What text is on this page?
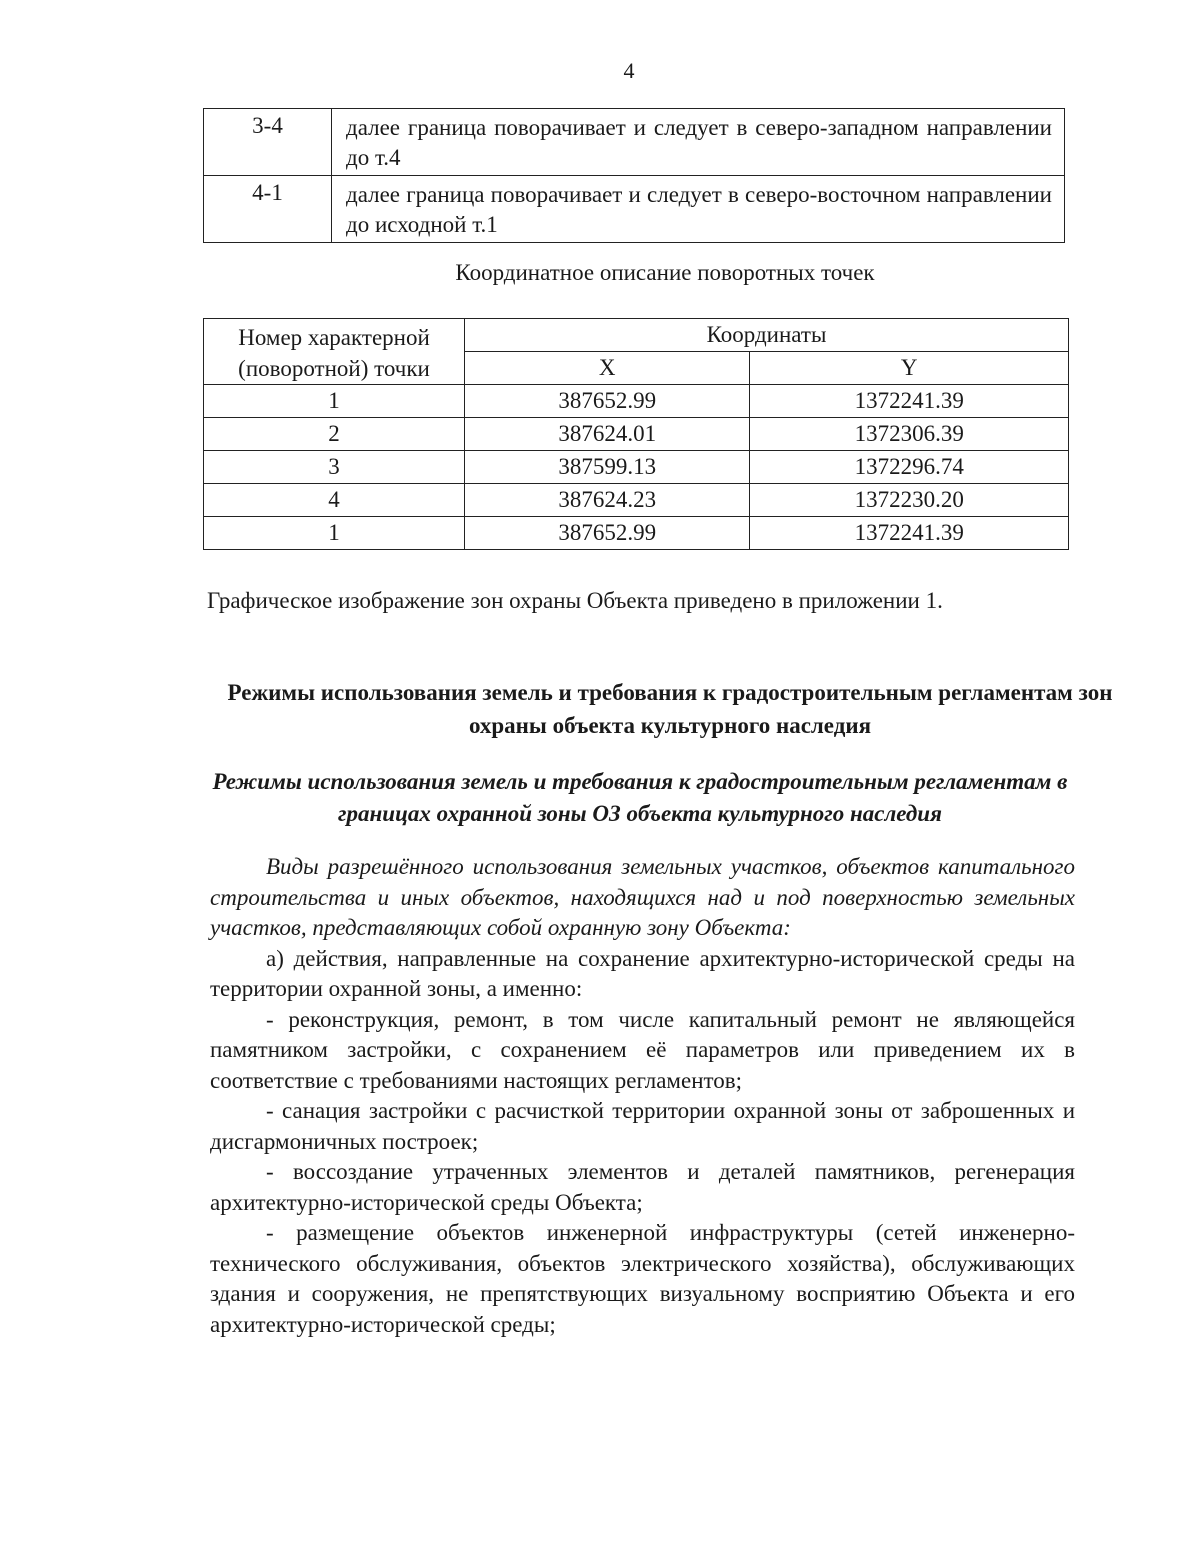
4
3-4	далее граница поворачивает и следует в северо-западном направлении до т.4
4-1	далее граница поворачивает и следует в северо-восточном направлении до исходной т.1
Координатное описание поворотных точек
Номер характерной (поворотной) точки	Координаты	
	X	Y
1	387652.99	1372241.39
2	387624.01	1372306.39
3	387599.13	1372296.74
4	387624.23	1372230.20
1	387652.99	1372241.39
Графическое изображение зон охраны Объекта приведено в приложении 1.
Режимы использования земель и требования к градостроительным регламентам зон охраны объекта культурного наследия
Режимы использования земель и требования к градостроительным регламентам в границах охранной зоны ОЗ объекта культурного наследия

Виды разрешённого использования земельных участков, объектов капитального строительства и иных объектов, находящихся над и под поверхностью земельных участков, представляющих собой охранную зону Объекта:

а) действия, направленные на сохранение архитектурно-исторической среды на территории охранной зоны, а именно:

- реконструкция, ремонт, в том числе капитальный ремонт не являющейся памятником застройки, с сохранением её параметров или приведением их в соответствие с требованиями настоящих регламентов;

- санация застройки с расчисткой территории охранной зоны от заброшенных и дисгармоничных построек;

- воссоздание утраченных элементов и деталей памятников, регенерация архитектурно-исторической среды Объекта;

- размещение объектов инженерной инфраструктуры (сетей инженерно-технического обслуживания, объектов электрического хозяйства), обслуживающих здания и сооружения, не препятствующих визуальному восприятию Объекта и его архитектурно-исторической среды;
